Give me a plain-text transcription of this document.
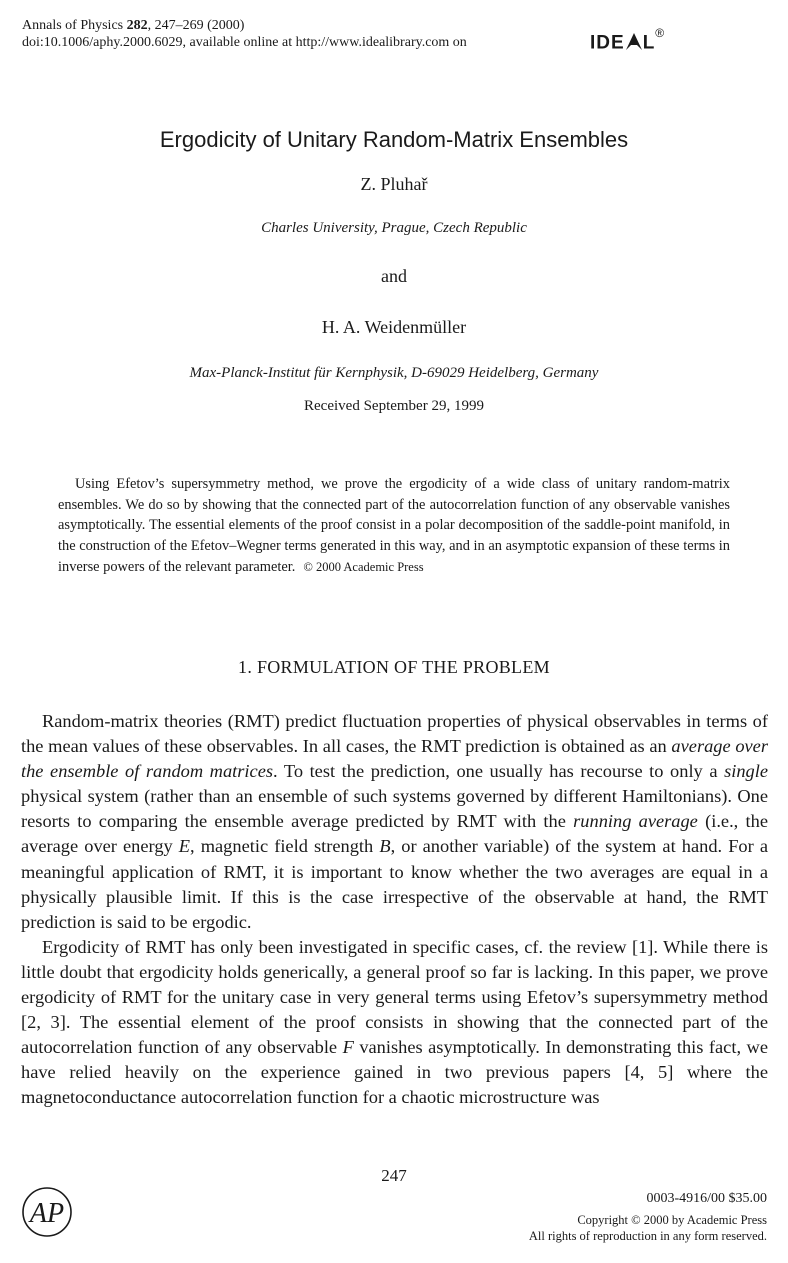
Annals of Physics 282, 247–269 (2000)
doi:10.1006/aphy.2000.6029, available online at http://www.idealibrary.com on	IDE L®
Ergodicity of Unitary Random-Matrix Ensembles
Z. Pluhař
Charles University, Prague, Czech Republic
and
H. A. Weidenmüller
Max-Planck-Institut für Kernphysik, D-69029 Heidelberg, Germany
Received September 29, 1999
Using Efetov’s supersymmetry method, we prove the ergodicity of a wide class of unitary random-matrix ensembles. We do so by showing that the connected part of the autocorrelation function of any observable vanishes asymptotically. The essential elements of the proof consist in a polar decomposition of the saddle-point manifold, in the construction of the Efetov–Wegner terms generated in this way, and in an asymptotic expansion of these terms in inverse powers of the relevant parameter. © 2000 Academic Press
1. FORMULATION OF THE PROBLEM

Random-matrix theories (RMT) predict fluctuation properties of physical observables in terms of the mean values of these observables. In all cases, the RMT prediction is obtained as an average over the ensemble of random matrices. To test the prediction, one usually has recourse to only a single physical system (rather than an ensemble of such systems governed by different Hamiltonians). One resorts to comparing the ensemble average predicted by RMT with the running average (i.e., the average over energy E, magnetic field strength B, or another variable) of the system at hand. For a meaningful application of RMT, it is important to know whether the two averages are equal in a physically plausible limit. If this is the case irrespective of the observable at hand, the RMT prediction is said to be ergodic.

Ergodicity of RMT has only been investigated in specific cases, cf. the review [1]. While there is little doubt that ergodicity holds generically, a general proof so far is lacking. In this paper, we prove ergodicity of RMT for the unitary case in very general terms using Efetov’s supersymmetry method [2, 3]. The essential element of the proof consists in showing that the connected part of the autocorrelation function of any observable F vanishes asymptotically. In demonstrating this fact, we have relied heavily on the experience gained in two previous papers [4, 5] where the magnetoconductance autocorrelation function for a chaotic microstructure was

247
AP	0003-4916/00 $35.00
Copyright © 2000 by Academic Press
All rights of reproduction in any form reserved.
